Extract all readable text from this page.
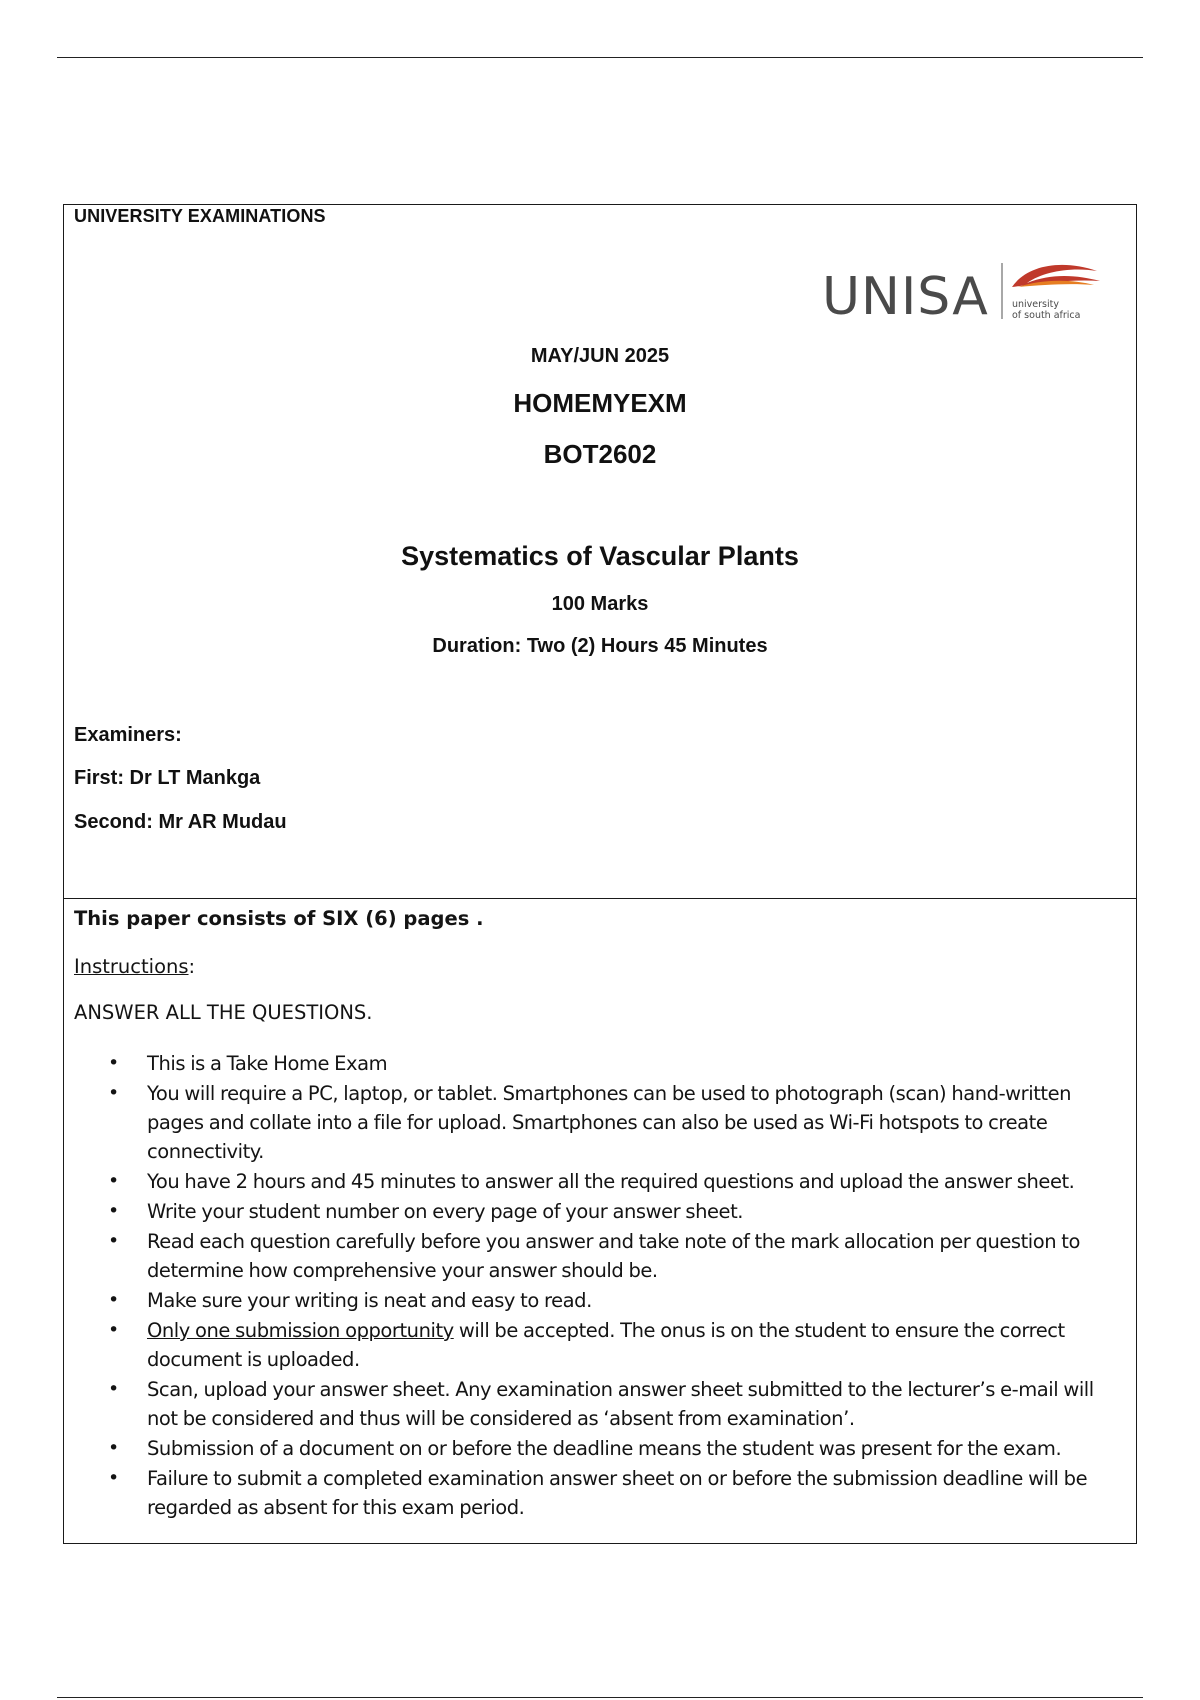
UNIVERSITY EXAMINATIONS
UNISA university
of south africa
MAY/JUN 2025
HOMEMYEXM
BOT2602
Systematics of Vascular Plants
100 Marks
Duration: Two (2) Hours 45 Minutes
Examiners:
First: Dr LT Mankga
Second: Mr AR Mudau
This paper consists of SIX (6) pages .
Instructions:
ANSWER ALL THE QUESTIONS.
• This is a Take Home Exam
• You will require a PC, laptop, or tablet. Smartphones can be used to photograph (scan) hand-written pages and collate into a file for upload. Smartphones can also be used as Wi-Fi hotspots to create connectivity.
• You have 2 hours and 45 minutes to answer all the required questions and upload the answer sheet.
• Write your student number on every page of your answer sheet.
• Read each question carefully before you answer and take note of the mark allocation per question to determine how comprehensive your answer should be.
• Make sure your writing is neat and easy to read.
• Only one submission opportunity will be accepted. The onus is on the student to ensure the correct document is uploaded.
• Scan, upload your answer sheet. Any examination answer sheet submitted to the lecturer’s e-mail will not be considered and thus will be considered as ‘absent from examination’.
• Submission of a document on or before the deadline means the student was present for the exam.
• Failure to submit a completed examination answer sheet on or before the submission deadline will be regarded as absent for this exam period.
